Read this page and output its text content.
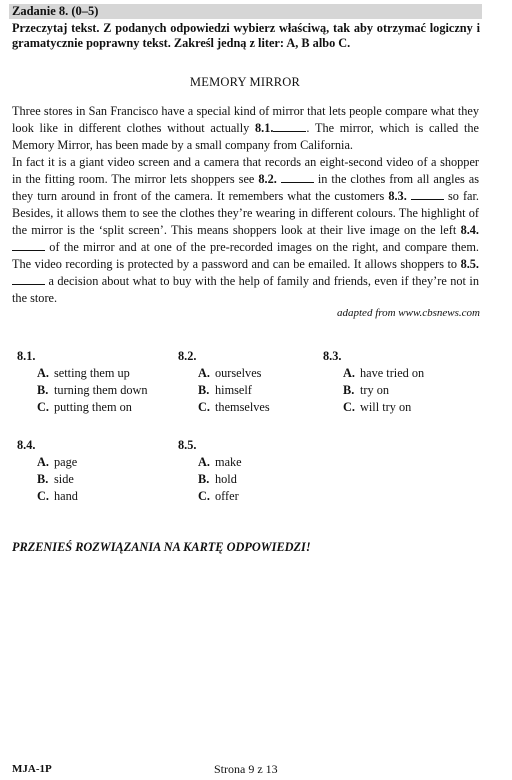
Zadanie 8. (0–5)
Przeczytaj tekst. Z podanych odpowiedzi wybierz właściwą, tak aby otrzymać logiczny i gramatycznie poprawny tekst. Zakreśl jedną z liter: A, B albo C.
MEMORY MIRROR

Three stores in San Francisco have a special kind of mirror that lets people compare what they look like in different clothes without actually 8.1.	. The mirror, which is called the Memory Mirror, has been made by a small company from California.

In fact it is a giant video screen and a camera that records an eight-second video of a shopper in the fitting room. The mirror lets shoppers see 8.2.	in the clothes from all angles as they turn around in front of the camera. It remembers what the customers 8.3.	so far. Besides, it allows them to see the clothes they’re wearing in different colours. The highlight of the mirror is the ‘split screen’. This means shoppers look at their live image on the left 8.4.  of the mirror and at one of the pre-recorded images on the right, and compare them. The video recording is protected by a password and can be emailed. It allows shoppers to 8.5.  a decision about what to buy with the help of family and friends, even if they’re not in the store.

adapted from www.cbsnews.com
8.1.
A. setting them up
B. turning them down
C. putting them on
8.2.
A. ourselves
B. himself
C. themselves
8.3.
A. have tried on
B. try on
C. will try on
8.4.
A. page
B. side
C. hand
8.5.
A. make
B. hold
C. offer
PRZENIEŚ ROZWIĄZANIA NA KARTĘ ODPOWIEDZI!
MJA-1P	Strona 9 z 13
